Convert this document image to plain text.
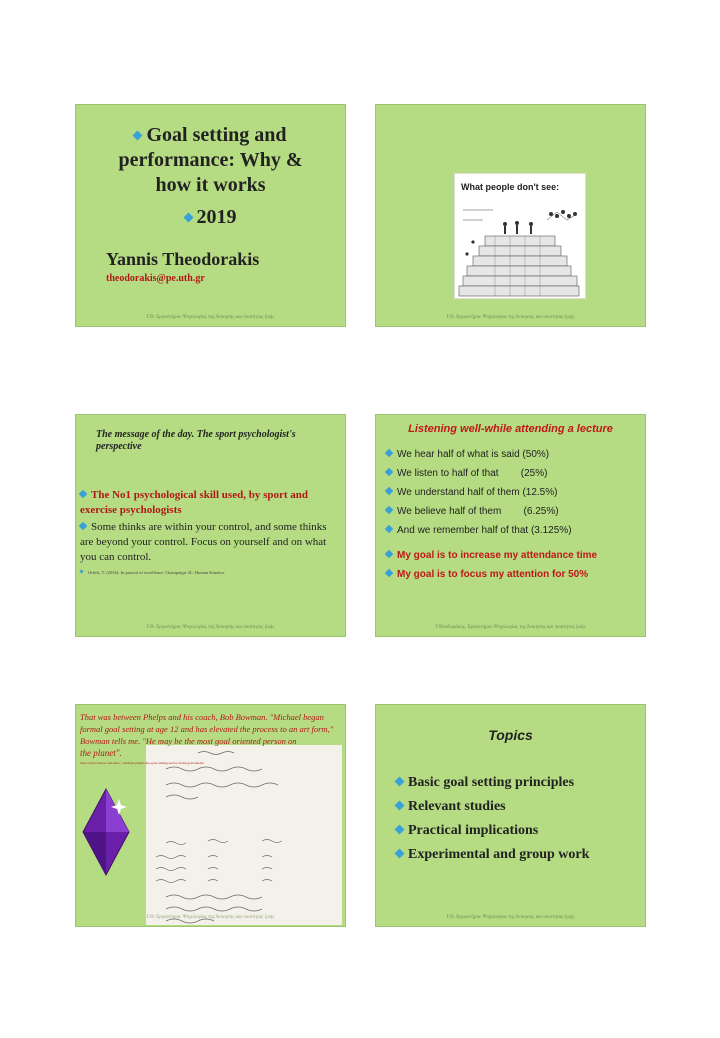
Goal setting and
performance: Why &
how it works
2019
Yannis Theodorakis
theodorakis@pe.uth.gr
Γ.Θ. Εργαστήριο: Ψυχολογίας της Άσκησης και ποιότητας ζωής
What people don't see:
Γ.Θ. Εργαστήριο: Ψυχολογίας της Άσκησης και ποιότητας ζωής
The message of the day. The sport psychologist's perspective
The No1 psychological skill used, by sport and exercise psychologists
Some thinks are within your control, and some thinks are beyond your control. Focus on yourself and on what you can control.
Orlick, T. (2016). In pursuit of excellence. Champaign: IL: Human Kinetics.
Γ.Θ. Εργαστήριο: Ψυχολογίας της Άσκησης και ποιότητας ζωής
Listening well-while attending a lecture
We hear half of what is said (50%)
We listen to half of that        (25%)
We understand half of them (12.5%)
We believe half of them        (6.25%)
And we remember half of that (3.125%)
My goal is to increase my attendance time
My goal is to focus my attention for 50%
Γ.Θεοδωράκης. Εργαστήριο: Ψυχολογίας της Άσκησης και ποιότητας ζωής
That was between Phelps and his coach, Bob Bowman. "Michael began formal goal setting at age 12 and has elevated the process to an art form," Bowman tells me. "He may be the most goal oriented person on
the planet".
http://www.forbes.com/sites/...michael-phelps-the-goal-setting-secret-of-the-gold-medal
Γ.Θ. Εργαστήριο: Ψυχολογίας της Άσκησης και ποιότητας ζωής
Topics
Basic goal setting principles
Relevant studies
Practical implications
Experimental and group work
Γ.Θ. Εργαστήριο: Ψυχολογίας της Άσκησης και ποιότητας ζωής
